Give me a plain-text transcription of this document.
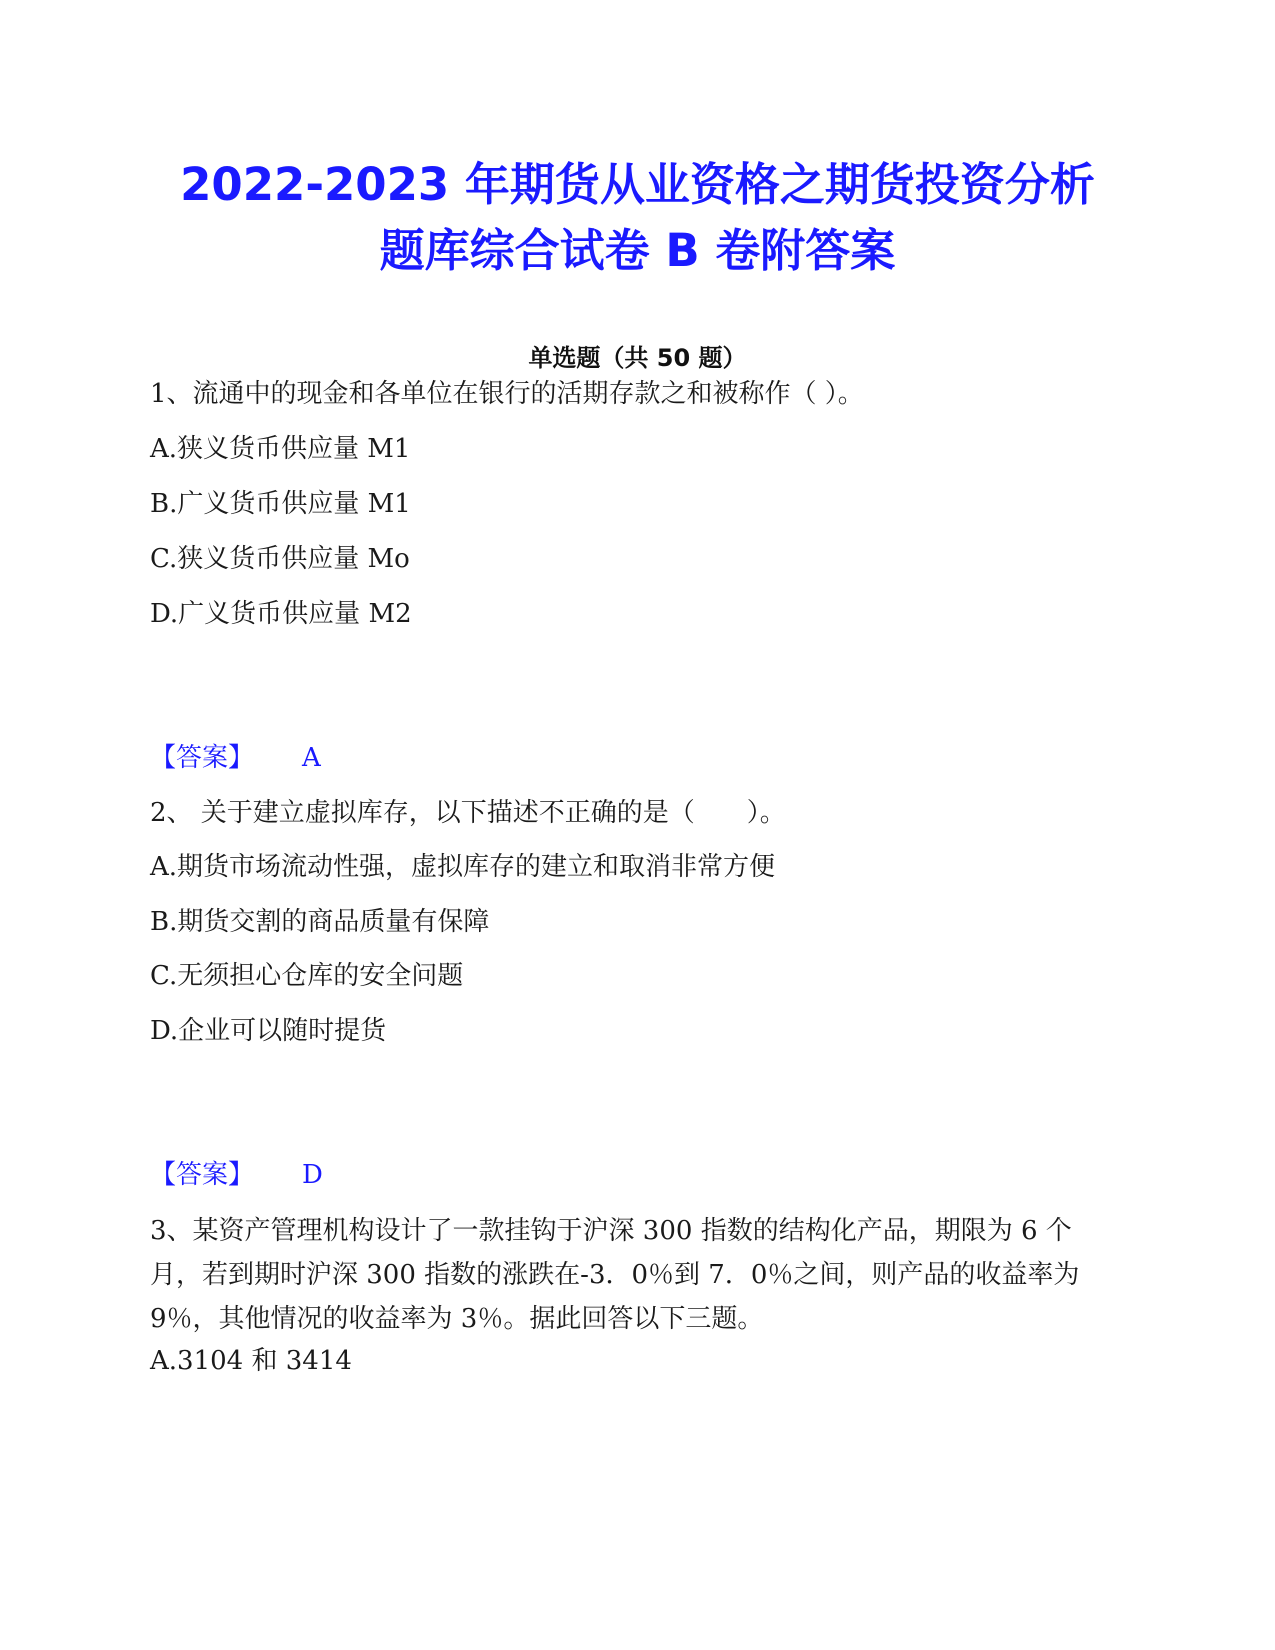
2022-2023 年期货从业资格之期货投资分析
题库综合试卷 B 卷附答案
单选题（共 50 题）
1、流通中的现金和各单位在银行的活期存款之和被称作（ ）。
A.狭义货币供应量 M1
B.广义货币供应量 M1
C.狭义货币供应量 Mo
D.广义货币供应量 M2
【答案】 A
2、 关于建立虚拟库存，以下描述不正确的是（　　）。
A.期货市场流动性强，虚拟库存的建立和取消非常方便
B.期货交割的商品质量有保障
C.无须担心仓库的安全问题
D.企业可以随时提货
【答案】 D
3、某资产管理机构设计了一款挂钩于沪深 300 指数的结构化产品，期限为 6 个月，若到期时沪深 300 指数的涨跌在-3．0％到 7．0％之间，则产品的收益率为 9％，其他情况的收益率为 3％。据此回答以下三题。
A.3104 和 3414
